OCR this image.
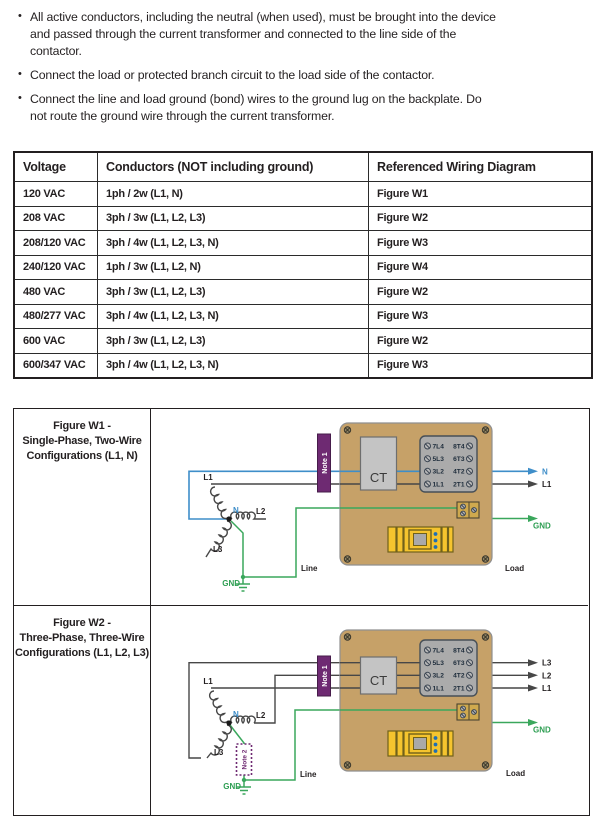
• All active conductors, including the neutral (when used), must be brought into the device
and passed through the current transformer and connected to the line side of the
contactor.
• Connect the load or protected branch circuit to the load side of the contactor.
• Connect the line and load ground (bond) wires to the ground lug on the backplate. Do
not route the ground wire through the current transformer.
Voltage	Conductors (NOT including ground)	Referenced Wiring Diagram
120 VAC	1ph / 2w (L1, N)	Figure W1
208 VAC	3ph / 3w (L1, L2, L3)	Figure W2
208/120 VAC	3ph / 4w (L1, L2, L3, N)	Figure W3
240/120 VAC	1ph / 3w (L1, L2, N)	Figure W4
480 VAC	3ph / 3w (L1, L2, L3)	Figure W2
480/277 VAC	3ph / 4w (L1, L2, L3, N)	Figure W3
600 VAC	3ph / 3w (L1, L2, L3)	Figure W2
600/347 VAC	3ph / 4w (L1, L2, L3, N)	Figure W3
Figure W1 -
Single-Phase, Two-Wire
Configurations (L1, N)
L1
L2
L3
N
GND
Note 1
CT
7L4 8T4
5L3 6T3
3L2 4T2
1L1 2T1
N
L1
GND
Line	Load
Figure W2 -
Three-Phase, Three-Wire
Configurations (L1, L2, L3)
L1
L2
L3
N
Note 2
GND
Note 1	CT
7L4 8T4
5L3 6T3
3L2 4T2
1L1 2T1
L3
L2
L1
GND
Line	Load
